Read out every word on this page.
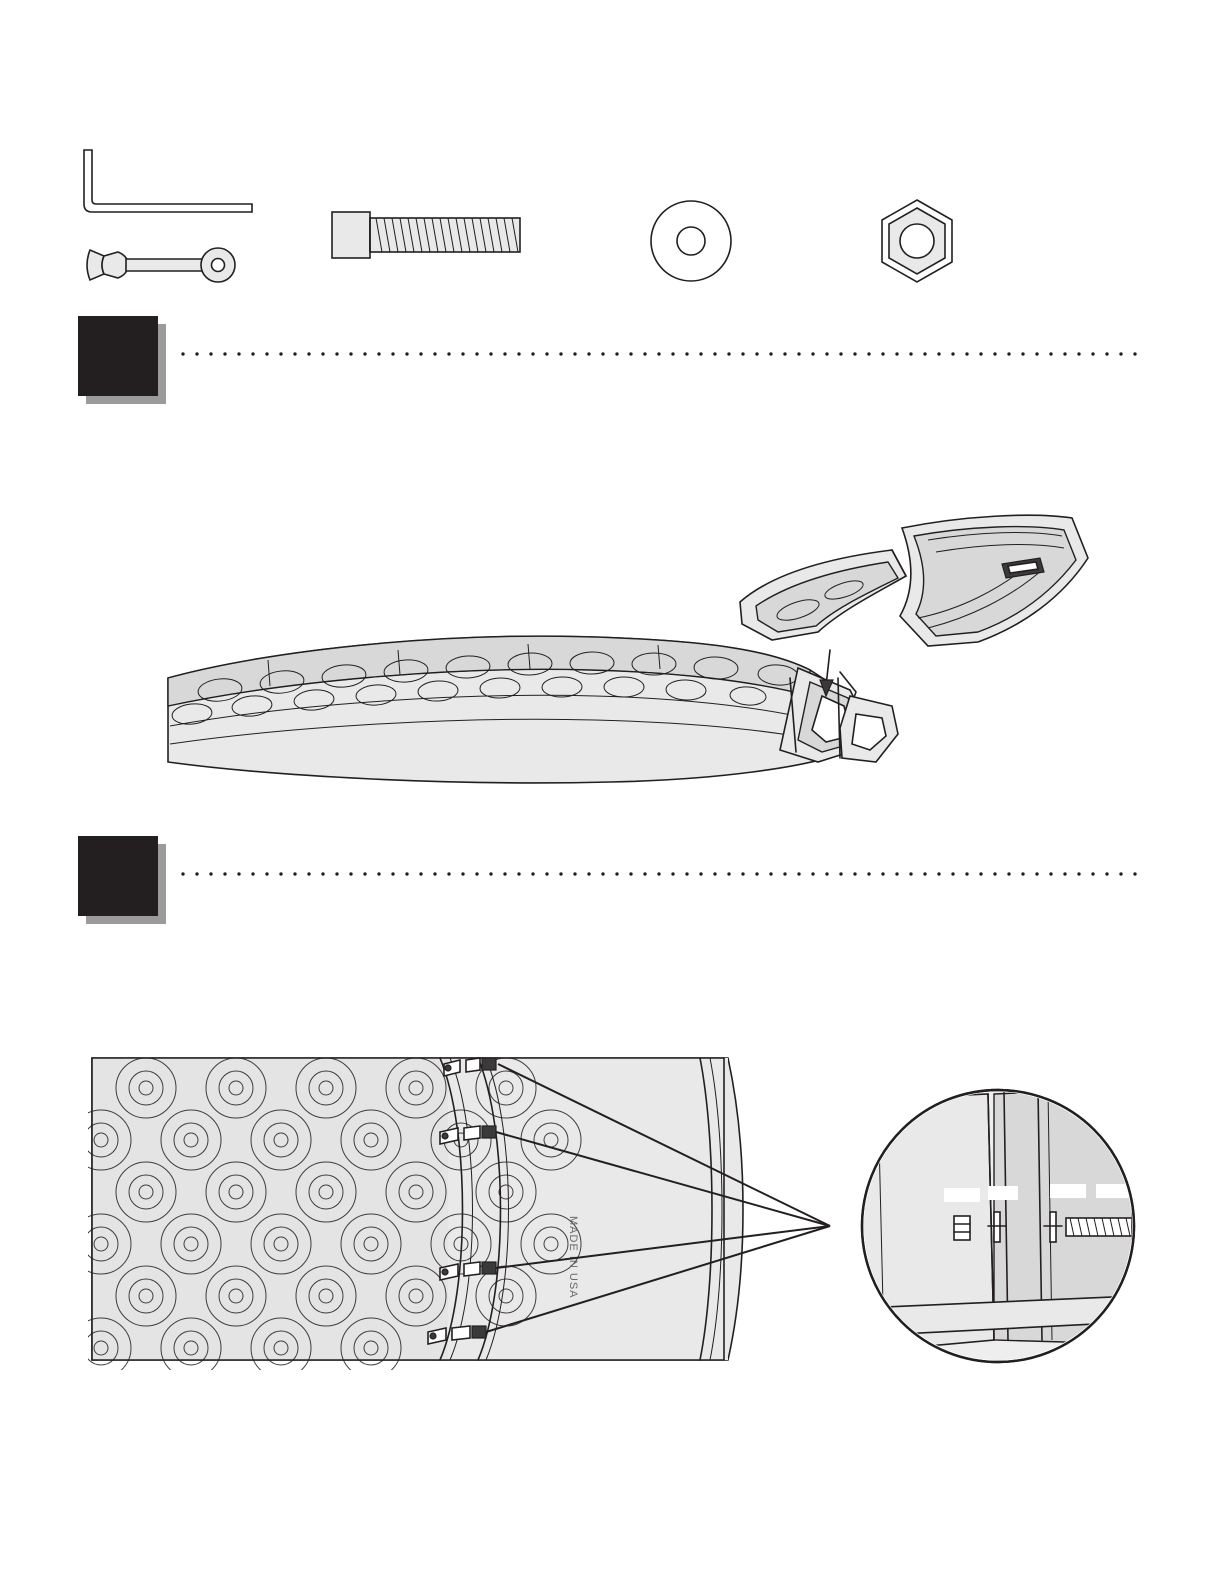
MADE IN USA
